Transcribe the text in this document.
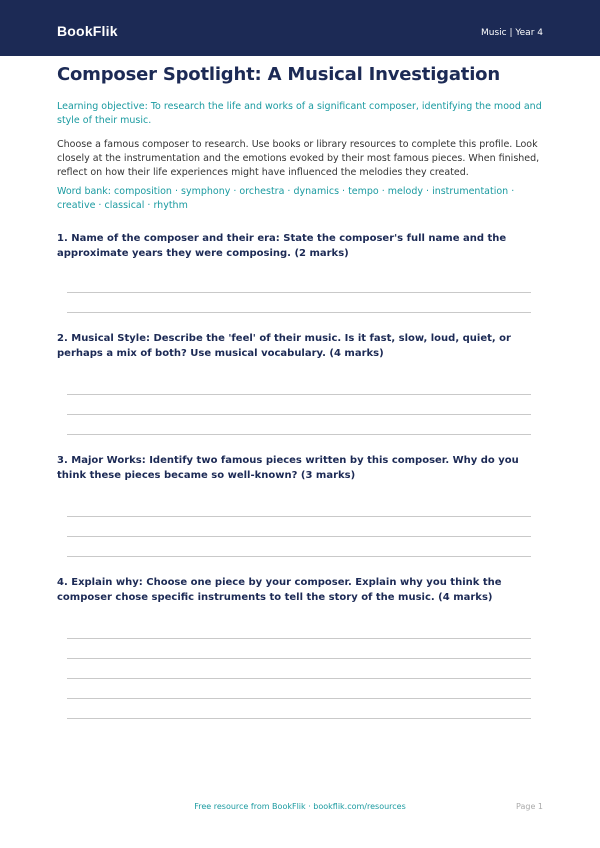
BookFlik	Music | Year 4
Composer Spotlight: A Musical Investigation
Learning objective: To research the life and works of a significant composer, identifying the mood and style of their music.
Choose a famous composer to research. Use books or library resources to complete this profile. Look closely at the instrumentation and the emotions evoked by their most famous pieces. When finished, reflect on how their life experiences might have influenced the melodies they created.
Word bank: composition · symphony · orchestra · dynamics · tempo · melody · instrumentation · creative · classical · rhythm
1. Name of the composer and their era: State the composer's full name and the approximate years they were composing. (2 marks)
2. Musical Style: Describe the 'feel' of their music. Is it fast, slow, loud, quiet, or perhaps a mix of both? Use musical vocabulary. (4 marks)
3. Major Works: Identify two famous pieces written by this composer. Why do you think these pieces became so well-known? (3 marks)
4. Explain why: Choose one piece by your composer. Explain why you think the composer chose specific instruments to tell the story of the music. (4 marks)
Free resource from BookFlik · bookflik.com/resources	Page 1
